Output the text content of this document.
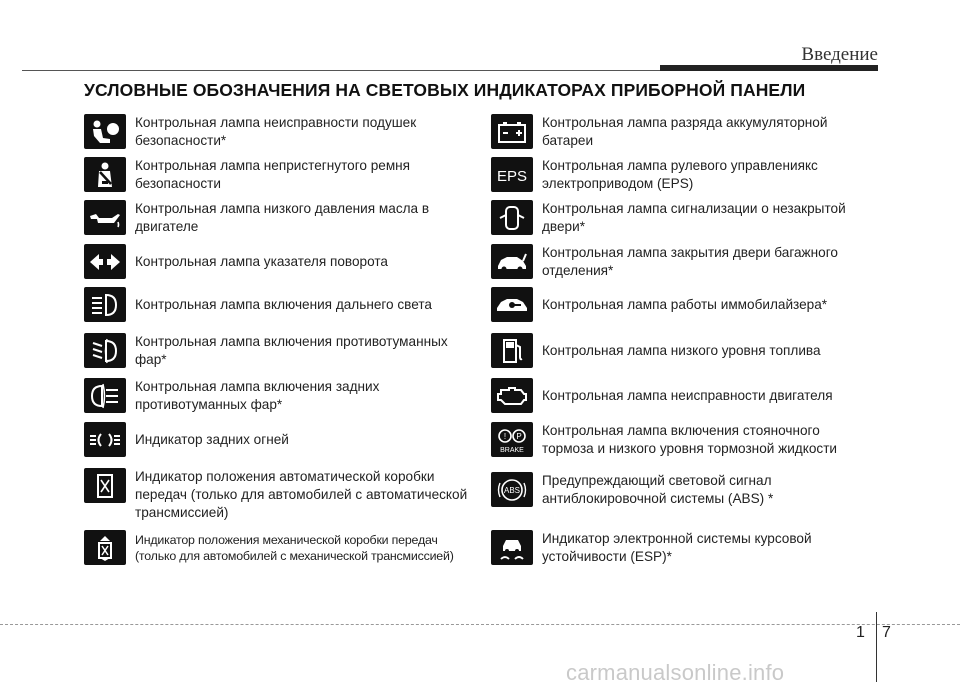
Введение
УСЛОВНЫЕ ОБОЗНАЧЕНИЯ НА СВЕТОВЫХ ИНДИКАТОРАХ ПРИБОРНОЙ ПАНЕЛИ
Контрольная лампа неисправности подушек
безопасности*
Контрольная лампа непристегнутого ремня
безопасности
Контрольная лампа низкого давления масла в
двигателе
Контрольная лампа указателя поворота
Контрольная лампа включения дальнего света
Контрольная лампа включения противотуманных
фар*
Контрольная лампа включения задних
противотуманных фар*
Индикатор задних огней
Индикатор положения автоматической коробки
передач (только для автомобилей с автоматической
трансмиссией)
Индикатор положения механической коробки передач
(только для автомобилей с механической трансмиссией)
Контрольная лампа разряда аккумуляторной
батареи
EPS
Контрольная лампа рулевого управлениякс
электроприводом (EPS)
Контрольная лампа сигнализации о незакрытой
двери*
Контрольная лампа закрытия двери багажного
отделения*
Контрольная лампа работы иммобилайзера*
Контрольная лампа низкого уровня топлива
Контрольная лампа неисправности двигателя
! P
BRAKE
Контрольная лампа включения стояночного
тормоза и низкого уровня тормозной жидкости
ABS
Предупреждающий световой сигнал
антиблокировочной системы (ABS) *
Индикатор электронной системы курсовой
устойчивости (ESP)*
1 7
carmanualsonline.info
